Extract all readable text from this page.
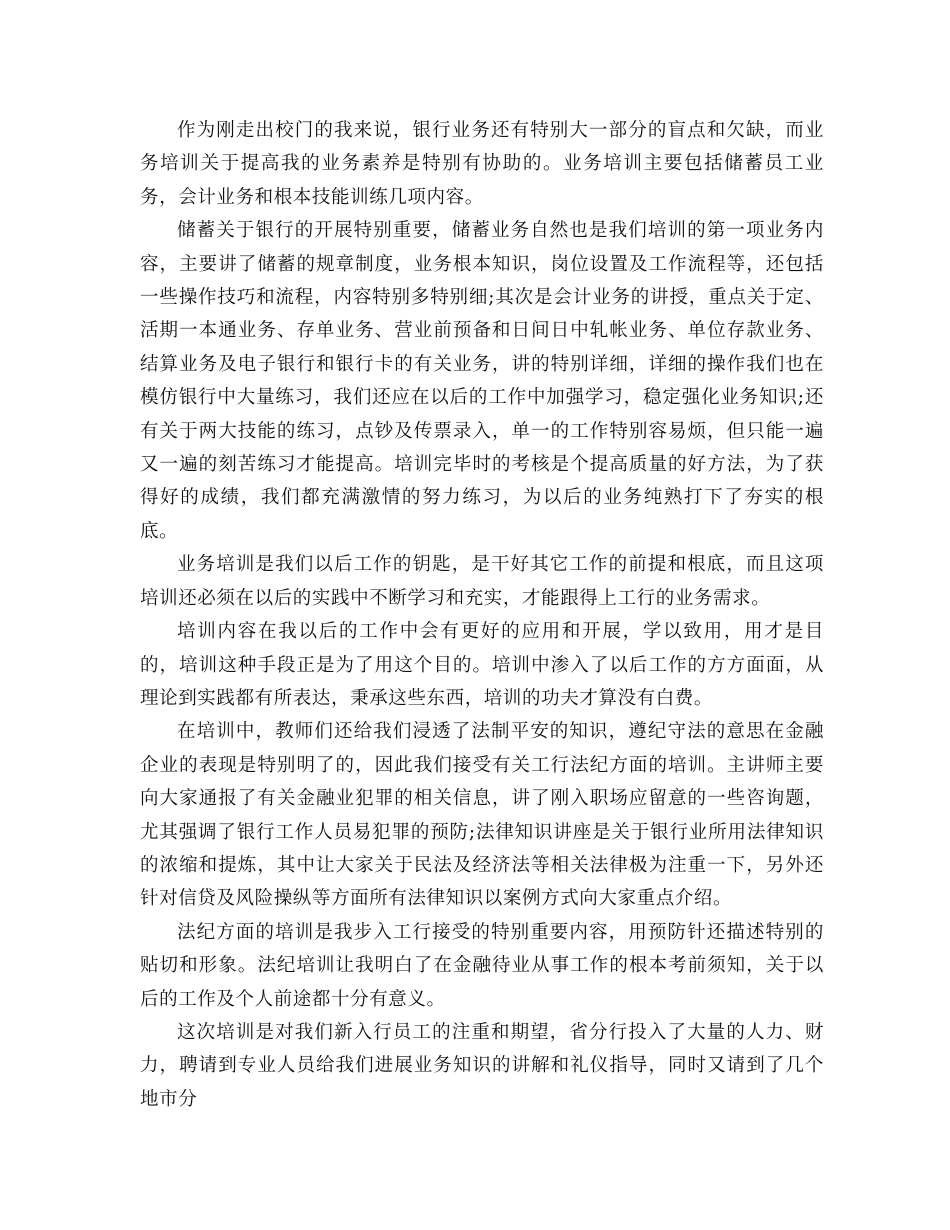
作为刚走出校门的我来说，银行业务还有特别大一部分的盲点和欠缺，而业务培训关于提高我的业务素养是特别有协助的。业务培训主要包括储蓄员工业务，会计业务和根本技能训练几项内容。

储蓄关于银行的开展特别重要，储蓄业务自然也是我们培训的第一项业务内容，主要讲了储蓄的规章制度，业务根本知识，岗位设置及工作流程等，还包括一些操作技巧和流程，内容特别多特别细;其次是会计业务的讲授，重点关于定、活期一本通业务、存单业务、营业前预备和日间日中轧帐业务、单位存款业务、结算业务及电子银行和银行卡的有关业务，讲的特别详细，详细的操作我们也在模仿银行中大量练习，我们还应在以后的工作中加强学习，稳定强化业务知识;还有关于两大技能的练习，点钞及传票录入，单一的工作特别容易烦，但只能一遍又一遍的刻苦练习才能提高。培训完毕时的考核是个提高质量的好方法，为了获得好的成绩，我们都充满激情的努力练习，为以后的业务纯熟打下了夯实的根底。

业务培训是我们以后工作的钥匙，是干好其它工作的前提和根底，而且这项培训还必须在以后的实践中不断学习和充实，才能跟得上工行的业务需求。

培训内容在我以后的工作中会有更好的应用和开展，学以致用，用才是目的，培训这种手段正是为了用这个目的。培训中渗入了以后工作的方方面面，从理论到实践都有所表达，秉承这些东西，培训的功夫才算没有白费。

在培训中，教师们还给我们浸透了法制平安的知识，遵纪守法的意思在金融企业的表现是特别明了的，因此我们接受有关工行法纪方面的培训。主讲师主要向大家通报了有关金融业犯罪的相关信息，讲了刚入职场应留意的一些咨询题，尤其强调了银行工作人员易犯罪的预防;法律知识讲座是关于银行业所用法律知识的浓缩和提炼，其中让大家关于民法及经济法等相关法律极为注重一下，另外还针对信贷及风险操纵等方面所有法律知识以案例方式向大家重点介绍。

法纪方面的培训是我步入工行接受的特别重要内容，用预防针还描述特别的贴切和形象。法纪培训让我明白了在金融待业从事工作的根本考前须知，关于以后的工作及个人前途都十分有意义。

这次培训是对我们新入行员工的注重和期望，省分行投入了大量的人力、财力，聘请到专业人员给我们进展业务知识的讲解和礼仪指导，同时又请到了几个地市分
